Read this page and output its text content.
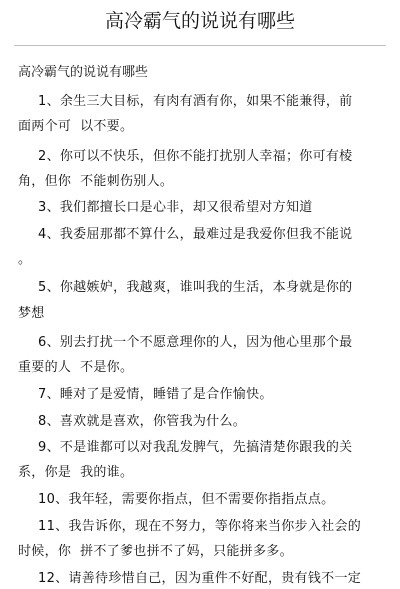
高冷霸气的说说有哪些
高冷霸气的说说有哪些
1、余生三大目标，有肉有酒有你，如果不能兼得，前
面两个可  以不要。
2、你可以不快乐，但你不能打扰别人幸福；你可有棱
角，但你  不能刺伤别人。
3、我们都擅长口是心非，却又很希望对方知道
4、我委屈那都不算什么，最难过是我爱你但我不能说
。
5、你越嫉妒，我越爽，谁叫我的生活，本身就是你的
梦想
6、别去打扰一个不愿意理你的人，因为他心里那个最
重要的人  不是你。
7、睡对了是爱情，睡错了是合作愉快。
8、喜欢就是喜欢，你管我为什么。
9、不是谁都可以对我乱发脾气，先搞清楚你跟我的关
系，你是  我的谁。
10、我年轻，需要你指点，但不需要你指指点点。
11、我告诉你，现在不努力，等你将来当你步入社会的
时候，你  拼不了爹也拼不了妈，只能拼多多。
12、请善待珍惜自己，因为重件不好配，贵有钱不一定
